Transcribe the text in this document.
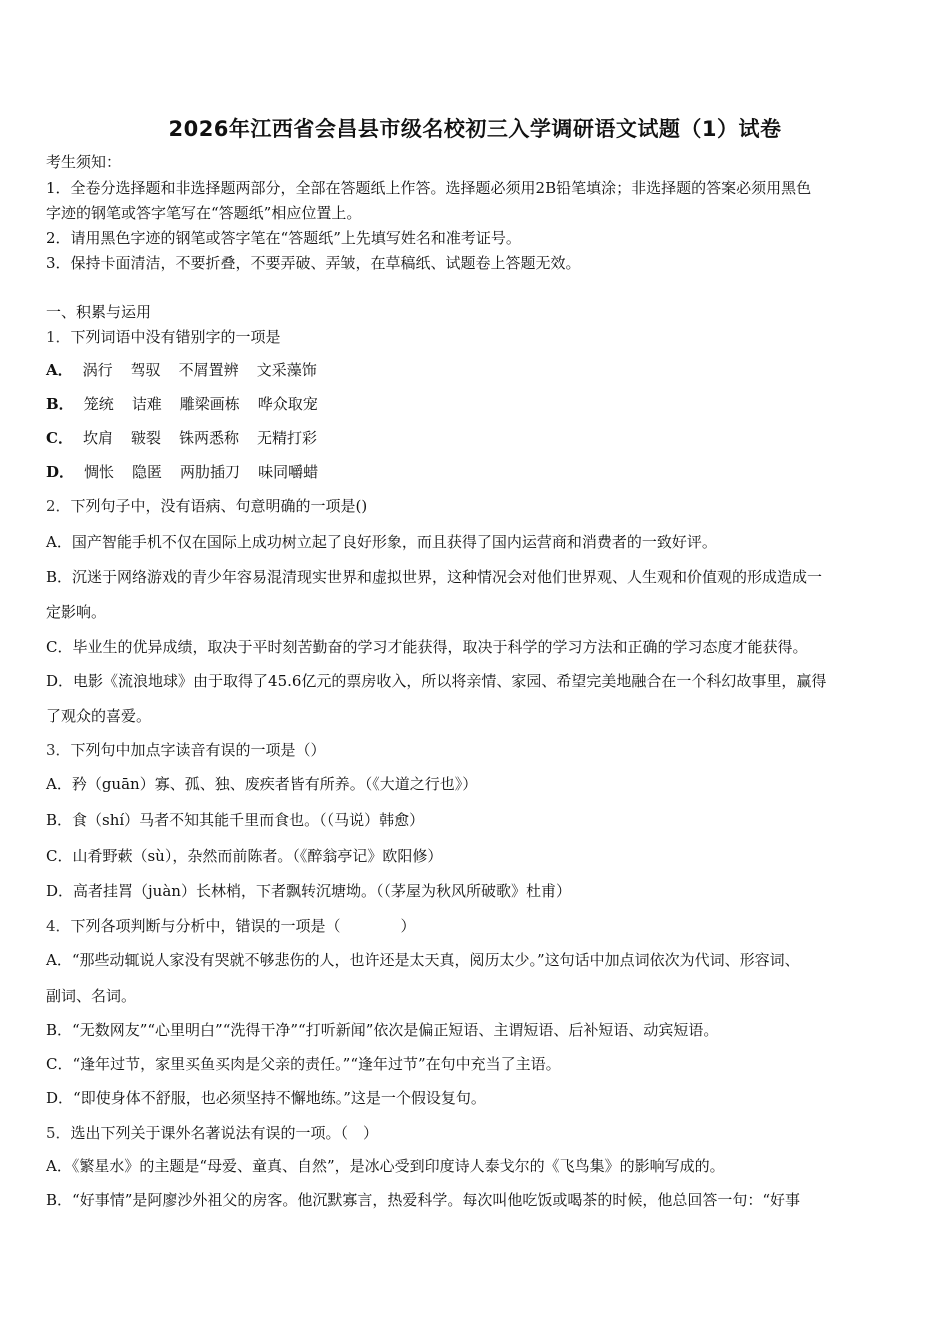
2026年江西省会昌县市级名校初三入学调研语文试题（1）试卷
考生须知：
1．全卷分选择题和非选择题两部分，全部在答题纸上作答。选择题必须用2B铅笔填涂；非选择题的答案必须用黑色
字迹的钢笔或答字笔写在“答题纸”相应位置上。
2．请用黑色字迹的钢笔或答字笔在“答题纸”上先填写姓名和准考证号。
3．保持卡面清洁，不要折叠，不要弄破、弄皱，在草稿纸、试题卷上答题无效。
一、积累与运用
1．下列词语中没有错别字的一项是
A． 涡行 驾驭 不屑置辨 文采藻饰
B． 笼统 诘难 雕梁画栋 哗众取宠
C． 坎肩 皲裂 铢两悉称 无精打彩
D． 惆怅 隐匿 两肋插刀 味同嚼蜡
2．下列句子中，没有语病、句意明确的一项是()
A．国产智能手机不仅在国际上成功树立起了良好形象，而且获得了国内运营商和消费者的一致好评。
B．沉迷于网络游戏的青少年容易混清现实世界和虚拟世界，这种情况会对他们世界观、人生观和价值观的形成造成一
定影响。
C．毕业生的优异成绩，取决于平时刻苦勤奋的学习才能获得，取决于科学的学习方法和正确的学习态度才能获得。
D．电影《流浪地球》由于取得了45.6亿元的票房收入，所以将亲情、家园、希望完美地融合在一个科幻故事里，赢得
了观众的喜爱。
3．下列句中加点字读音有误的一项是（）
A．矜（guān）寡、孤、独、废疾者皆有所养。（《大道之行也》）
B．食（shí）马者不知其能千里而食也。（（马说）韩愈）
C．山肴野蔌（sù），杂然而前陈者。（《醉翁亭记》欧阳修）
D．高者挂罥（juàn）长林梢，下者飘转沉塘坳。（（茅屋为秋风所破歌》杜甫）
4．下列各项判断与分析中，错误的一项是（　　　　）
A．“那些动辄说人家没有哭就不够悲伤的人，也许还是太天真，阅历太少。”这句话中加点词依次为代词、形容词、
副词、名词。
B．“无数网友”“心里明白”“洗得干净”“打听新闻”依次是偏正短语、主谓短语、后补短语、动宾短语。
C．“逢年过节，家里买鱼买肉是父亲的责任。”“逢年过节”在句中充当了主语。
D．“即使身体不舒服，也必须坚持不懈地练。”这是一个假设复句。
5．选出下列关于课外名著说法有误的一项。（　）
A．《繁星水》的主题是“母爱、童真、自然”，是冰心受到印度诗人泰戈尔的《飞鸟集》的影响写成的。
B．“好事情”是阿廖沙外祖父的房客。他沉默寡言，热爱科学。每次叫他吃饭或喝茶的时候，他总回答一句：“好事
